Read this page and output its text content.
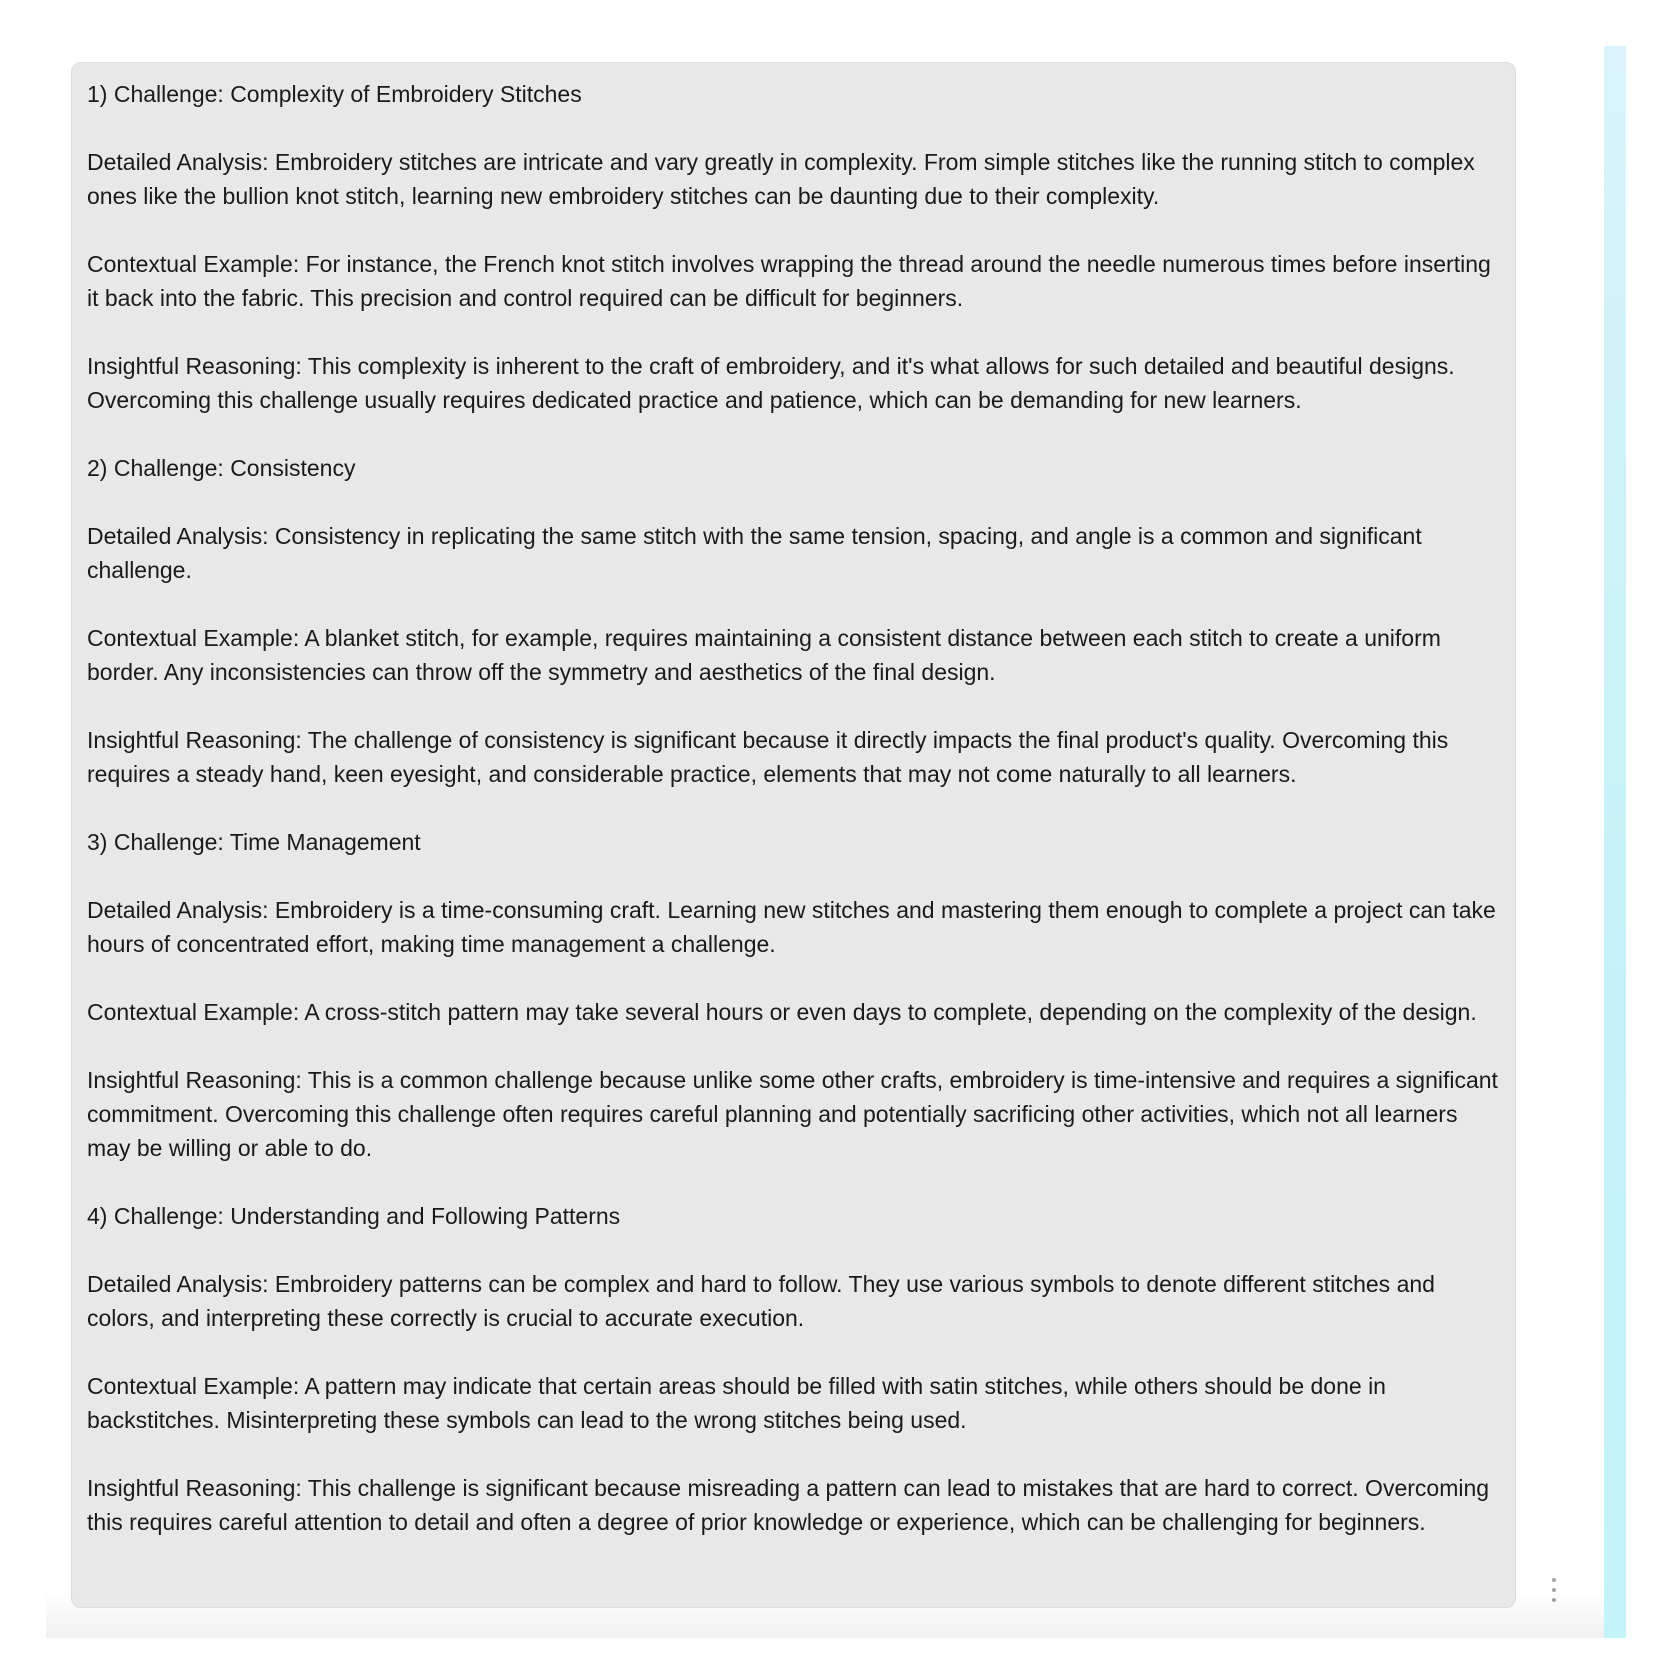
1) Challenge: Complexity of Embroidery Stitches

Detailed Analysis: Embroidery stitches are intricate and vary greatly in complexity. From simple stitches like the running stitch to complex ones like the bullion knot stitch, learning new embroidery stitches can be daunting due to their complexity.

Contextual Example: For instance, the French knot stitch involves wrapping the thread around the needle numerous times before inserting it back into the fabric. This precision and control required can be difficult for beginners.

Insightful Reasoning: This complexity is inherent to the craft of embroidery, and it's what allows for such detailed and beautiful designs. Overcoming this challenge usually requires dedicated practice and patience, which can be demanding for new learners.

2) Challenge: Consistency

Detailed Analysis: Consistency in replicating the same stitch with the same tension, spacing, and angle is a common and significant challenge.

Contextual Example: A blanket stitch, for example, requires maintaining a consistent distance between each stitch to create a uniform border. Any inconsistencies can throw off the symmetry and aesthetics of the final design.

Insightful Reasoning: The challenge of consistency is significant because it directly impacts the final product's quality. Overcoming this requires a steady hand, keen eyesight, and considerable practice, elements that may not come naturally to all learners.

3) Challenge: Time Management

Detailed Analysis: Embroidery is a time-consuming craft. Learning new stitches and mastering them enough to complete a project can take hours of concentrated effort, making time management a challenge.

Contextual Example: A cross-stitch pattern may take several hours or even days to complete, depending on the complexity of the design.

Insightful Reasoning: This is a common challenge because unlike some other crafts, embroidery is time-intensive and requires a significant commitment. Overcoming this challenge often requires careful planning and potentially sacrificing other activities, which not all learners may be willing or able to do.

4) Challenge: Understanding and Following Patterns

Detailed Analysis: Embroidery patterns can be complex and hard to follow. They use various symbols to denote different stitches and colors, and interpreting these correctly is crucial to accurate execution.

Contextual Example: A pattern may indicate that certain areas should be filled with satin stitches, while others should be done in backstitches. Misinterpreting these symbols can lead to the wrong stitches being used.

Insightful Reasoning: This challenge is significant because misreading a pattern can lead to mistakes that are hard to correct. Overcoming this requires careful attention to detail and often a degree of prior knowledge or experience, which can be challenging for beginners.
